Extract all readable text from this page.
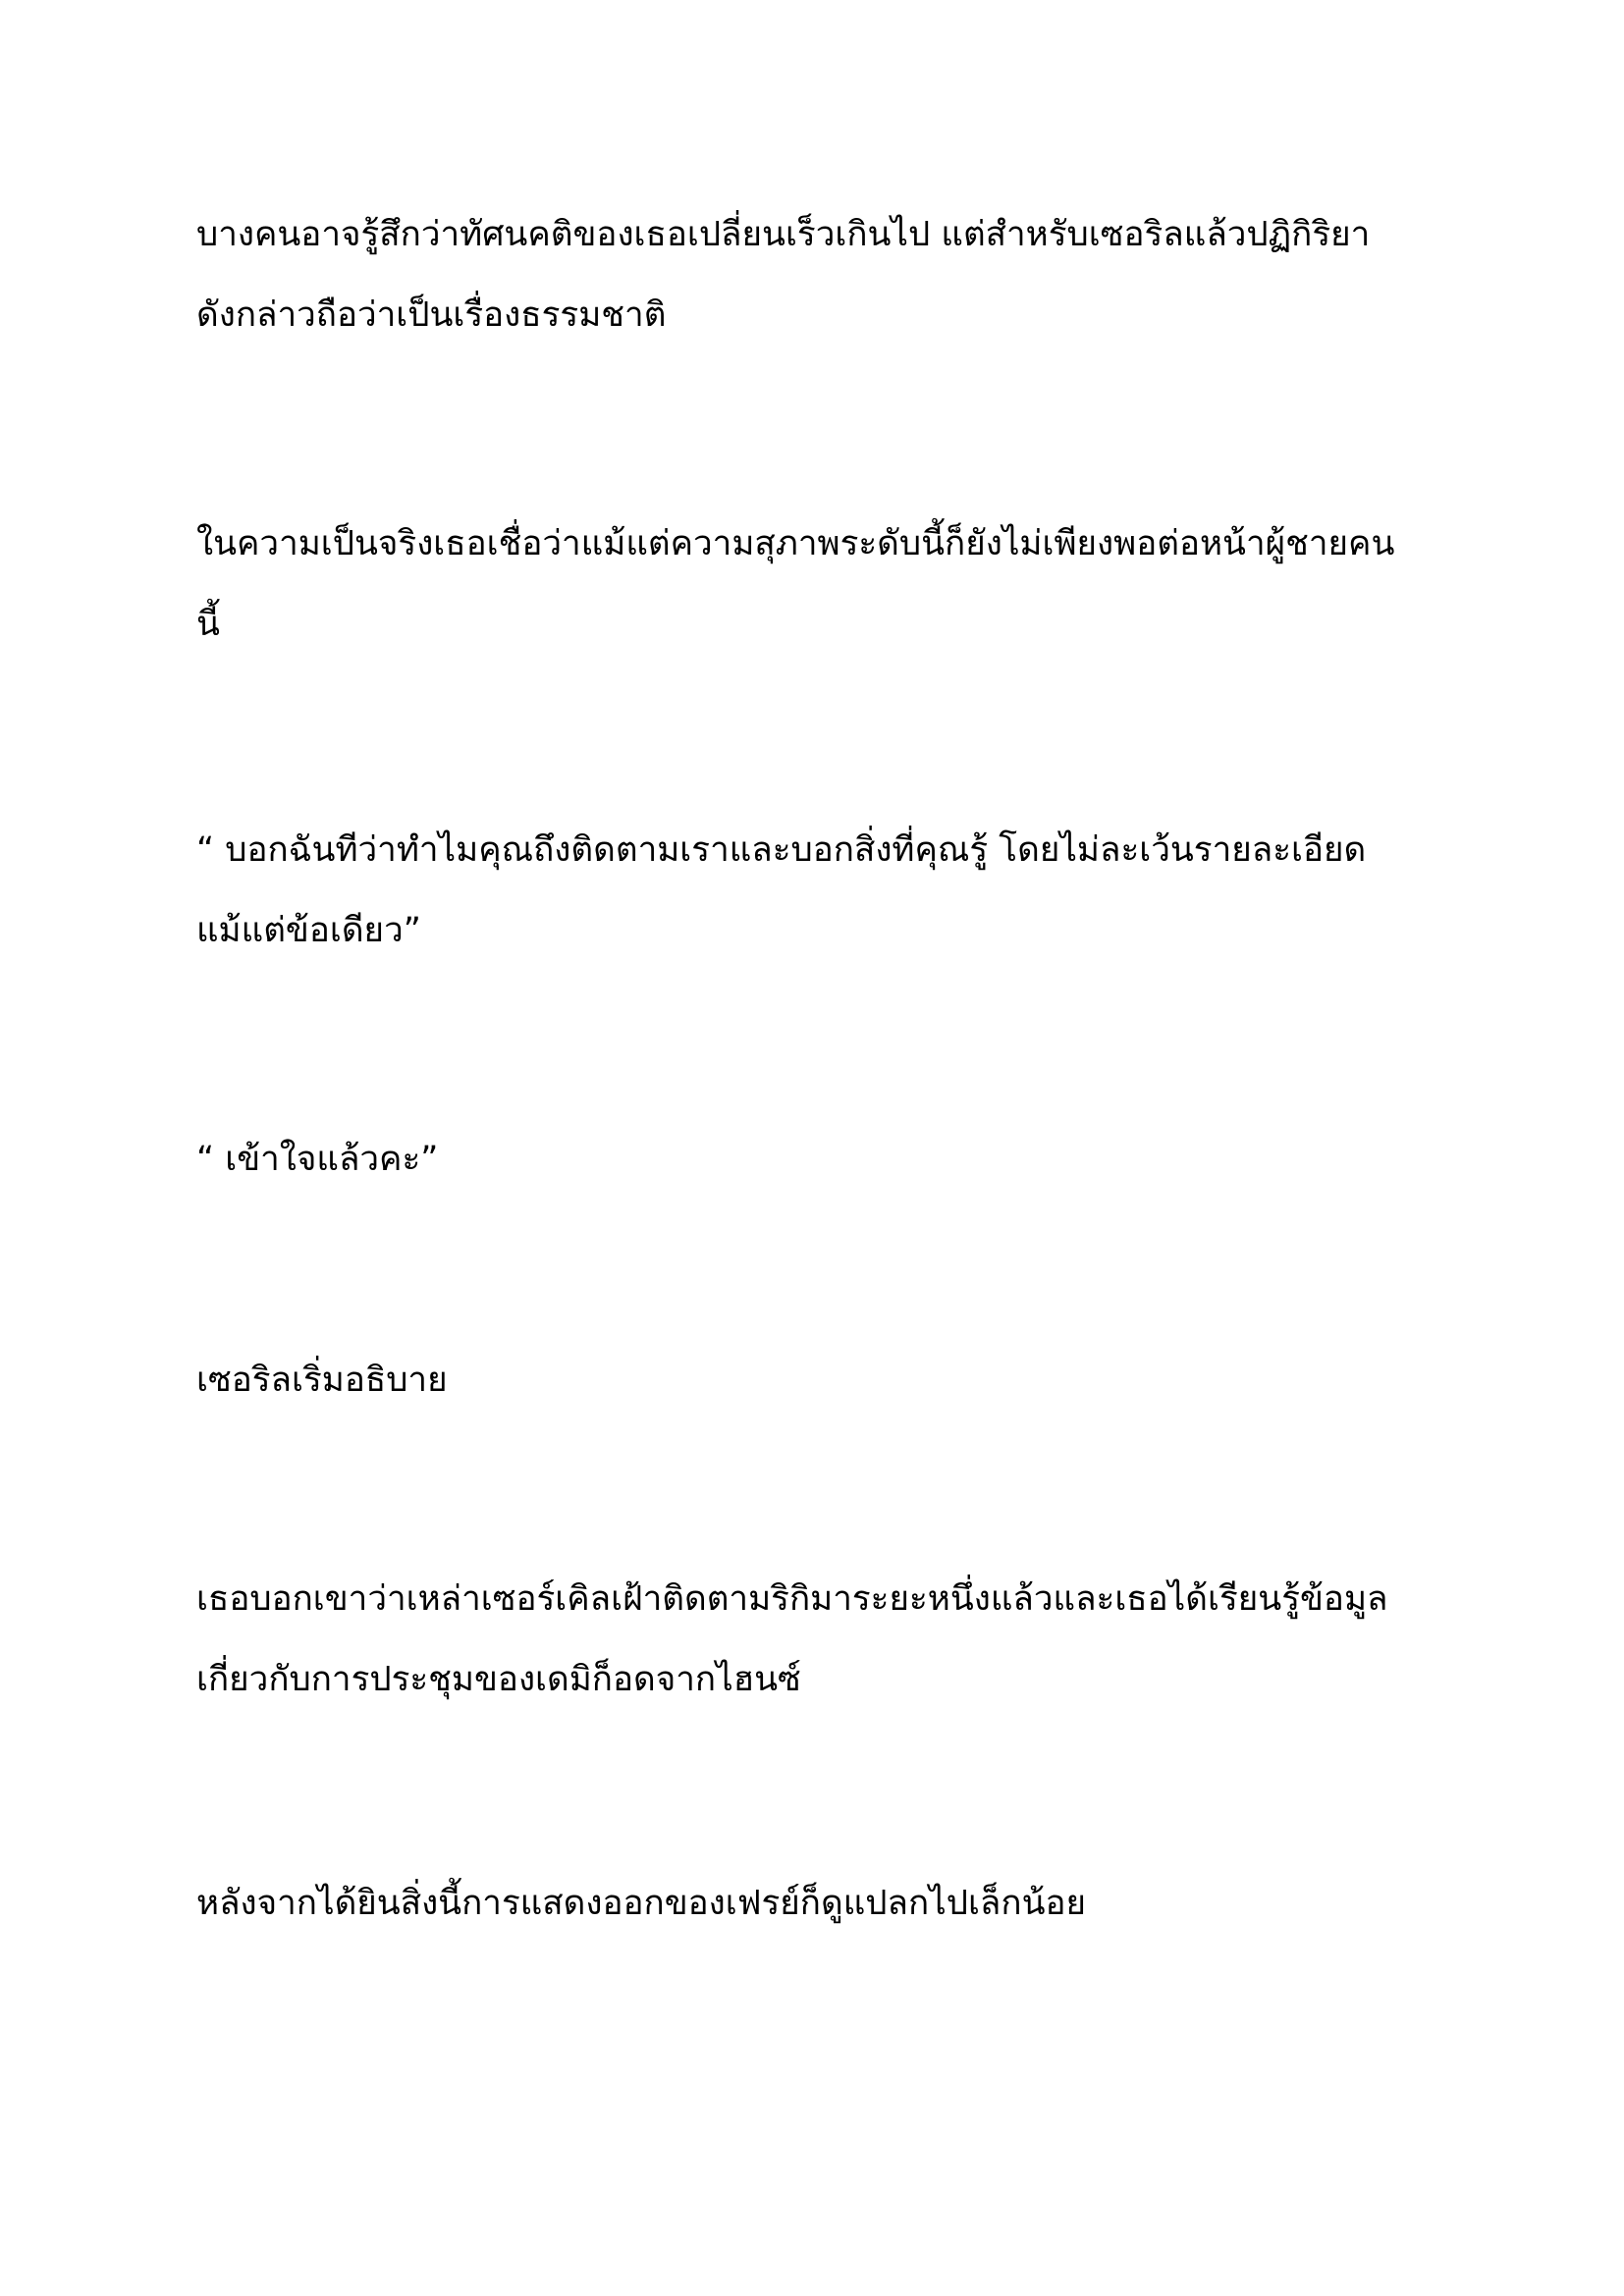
บางคนอาจรู้สึกว่าทัศนคติของเธอเปลี่ยนเร็วเกินไป แต่สำหรับเซอริลแล้วปฏิกิริยา
ดังกล่าวถือว่าเป็นเรื่องธรรมชาติ

ในความเป็นจริงเธอเชื่อว่าแม้แต่ความสุภาพระดับนี้ก็ยังไม่เพียงพอต่อหน้าผู้ชายคน
นี้

“ บอกฉันทีว่าทำไมคุณถึงติดตามเราและบอกสิ่งที่คุณรู้ โดยไม่ละเว้นรายละเอียด
แม้แต่ข้อเดียว”

“ เข้าใจแล้วคะ”

เซอริลเริ่มอธิบาย

เธอบอกเขาว่าเหล่าเซอร์เคิลเฝ้าติดตามริกิมาระยะหนึ่งแล้วและเธอได้เรียนรู้ข้อมูล
เกี่ยวกับการประชุมของเดมิก็อดจากไฮนซ์

หลังจากได้ยินสิ่งนี้การแสดงออกของเฟรย์ก็ดูแปลกไปเล็กน้อย
